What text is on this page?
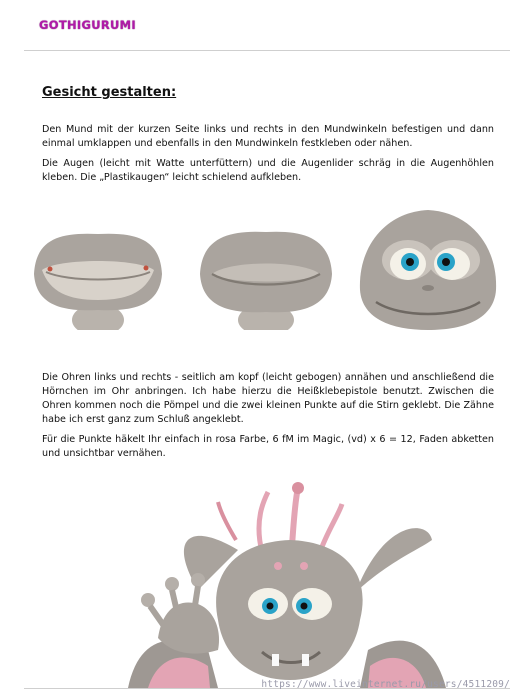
GOTHIGURUMI
Gesicht gestalten:
Den Mund mit der kurzen Seite links und rechts in den Mundwinkeln befestigen und dann einmal umklappen und ebenfalls in den Mundwinkeln festkleben oder nähen.
Die Augen (leicht mit Watte unterfüttern) und die Augenlider schräg in die Augenhöhlen kleben. Die „Plastikaugen“ leicht schielend aufkleben.
Die Ohren links und rechts - seitlich am kopf (leicht gebogen) annähen und anschließend die Hörnchen im Ohr anbringen. Ich habe hierzu die Heißklebepistole benutzt. Zwischen die Ohren kommen noch die Pömpel und die zwei kleinen Punkte auf die Stirn geklebt. Die Zähne habe ich erst ganz zum Schluß angeklebt.
Für die Punkte häkelt Ihr einfach in rosa Farbe, 6 fM im Magic, (vd) x 6 = 12, Faden abketten und unsichtbar vernähen.
https://www.liveinternet.ru/users/4511209/
